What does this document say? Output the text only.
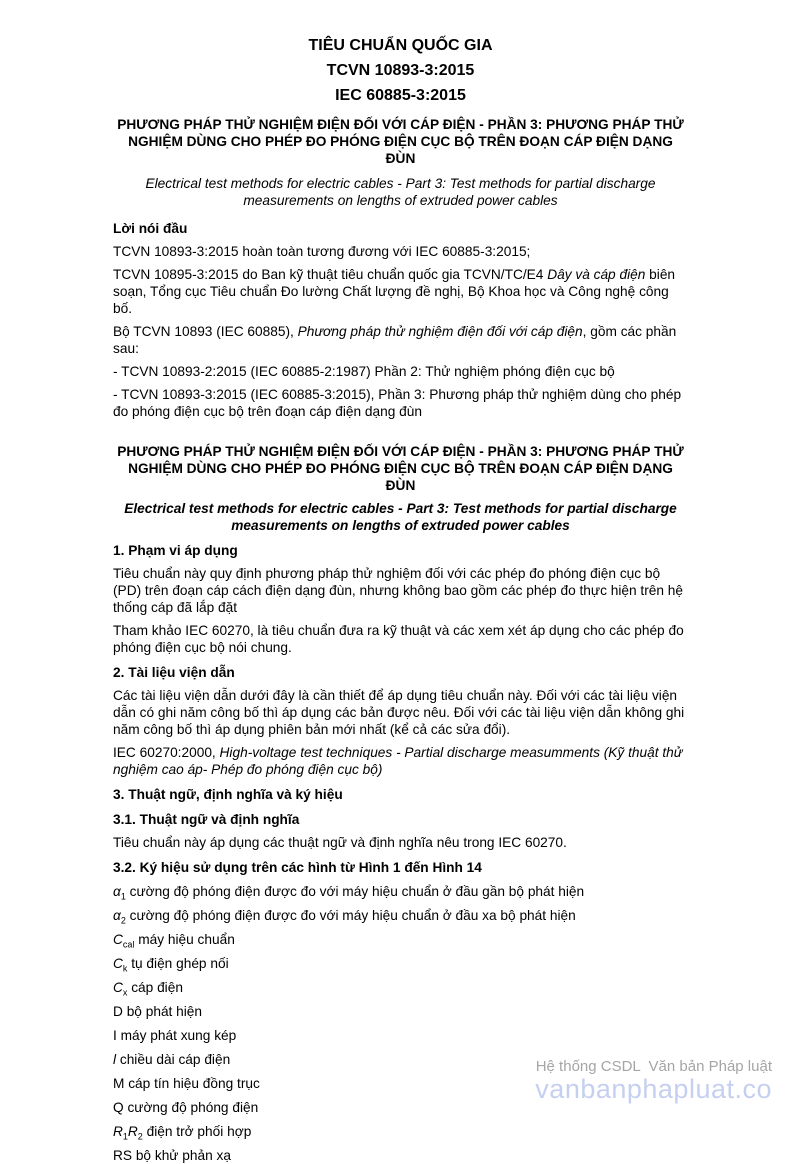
TIÊU CHUẨN QUỐC GIA
TCVN 10893-3:2015
IEC 60885-3:2015
PHƯƠNG PHÁP THỬ NGHIỆM ĐIỆN ĐỐI VỚI CÁP ĐIỆN - PHẦN 3: PHƯƠNG PHÁP THỬ NGHIỆM DÙNG CHO PHÉP ĐO PHÓNG ĐIỆN CỤC BỘ TRÊN ĐOẠN CÁP ĐIỆN DẠNG ĐÙN
Electrical test methods for electric cables - Part 3: Test methods for partial discharge measurements on lengths of extruded power cables
Lời nói đầu

TCVN 10893-3:2015 hoàn toàn tương đương với IEC 60885-3:2015;

TCVN 10895-3:2015 do Ban kỹ thuật tiêu chuẩn quốc gia TCVN/TC/E4 Dây và cáp điện biên soạn, Tổng cục Tiêu chuẩn Đo lường Chất lượng đề nghị, Bộ Khoa học và Công nghệ công bố.

Bộ TCVN 10893 (IEC 60885), Phương pháp thử nghiệm điện đối với cáp điện, gồm các phần sau:

- TCVN 10893-2:2015 (IEC 60885-2:1987) Phần 2: Thử nghiệm phóng điện cục bộ

- TCVN 10893-3:2015 (IEC 60885-3:2015), Phần 3: Phương pháp thử nghiệm dùng cho phép đo phóng điện cục bộ trên đoạn cáp điện dạng đùn

PHƯƠNG PHÁP THỬ NGHIỆM ĐIỆN ĐỐI VỚI CÁP ĐIỆN - PHẦN 3: PHƯƠNG PHÁP THỬ NGHIỆM DÙNG CHO PHÉP ĐO PHÓNG ĐIỆN CỤC BỘ TRÊN ĐOẠN CÁP ĐIỆN DẠNG ĐÙN
Electrical test methods for electric cables - Part 3: Test methods for partial discharge measurements on lengths of extruded power cables
1. Phạm vi áp dụng

Tiêu chuẩn này quy định phương pháp thử nghiệm đối với các phép đo phóng điện cục bộ (PD) trên đoạn cáp cách điện dạng đùn, nhưng không bao gồm các phép đo thực hiện trên hệ thống cáp đã lắp đặt

Tham khảo IEC 60270, là tiêu chuẩn đưa ra kỹ thuật và các xem xét áp dụng cho các phép đo phóng điện cục bộ nói chung.

2. Tài liệu viện dẫn

Các tài liệu viện dẫn dưới đây là cần thiết để áp dụng tiêu chuẩn này. Đối với các tài liệu viện dẫn có ghi năm công bố thì áp dụng các bản được nêu. Đối với các tài liệu viện dẫn không ghi năm công bố thì áp dụng phiên bản mới nhất (kể cả các sửa đổi).

IEC 60270:2000, High-voltage test techniques - Partial discharge measumments (Kỹ thuật thử nghiệm cao áp- Phép đo phóng điện cục bộ)

3. Thuật ngữ, định nghĩa và ký hiệu
3.1. Thuật ngữ và định nghĩa

Tiêu chuẩn này áp dụng các thuật ngữ và định nghĩa nêu trong IEC 60270.

3.2. Ký hiệu sử dụng trên các hình từ Hình 1 đến Hình 14

$\alpha_1$ cường độ phóng điện được đo với máy hiệu chuẩn ở đầu gần bộ phát hiện

$\alpha_2$ cường độ phóng điện được đo với máy hiệu chuẩn ở đầu xa bộ phát hiện

$C_{cal}$ máy hiệu chuẩn

$C_k$ tụ điện ghép nối

$C_x$ cáp điện

D bộ phát hiện

I máy phát xung kép

l chiều dài cáp điện

M cáp tín hiệu đồng trục

Q cường độ phóng điện

$R_1R_2$ điện trở phối hợp

RS bộ khử phản xạ

Hệ thống CSDL  Văn bản Pháp luật
vanbanphapluat.co
